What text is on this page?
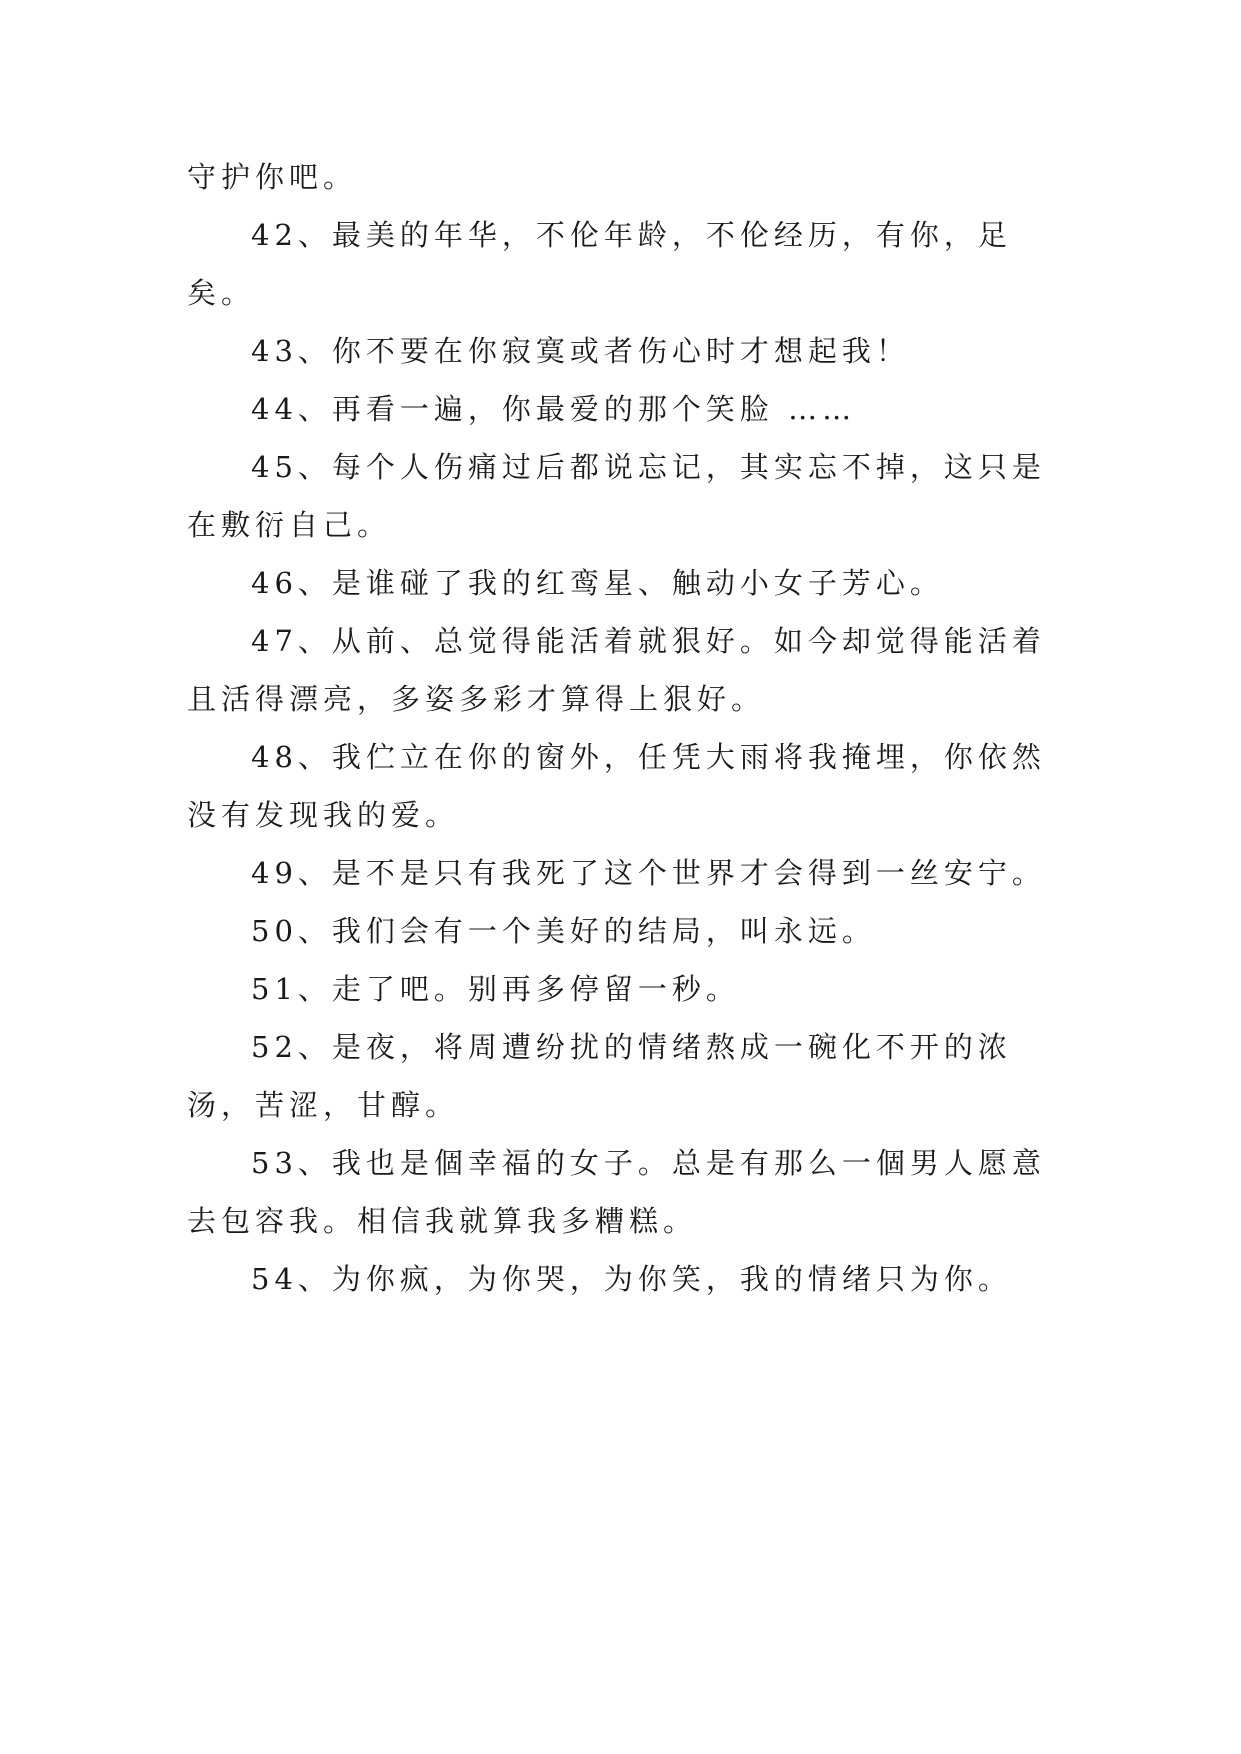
守护你吧。

42、最美的年华，不伦年龄，不伦经历，有你，足矣。

43、你不要在你寂寞或者伤心时才想起我！

44、再看一遍，你最爱的那个笑脸 ……

45、每个人伤痛过后都说忘记，其实忘不掉，这只是在敷衍自己。

46、是谁碰了我的红鸾星、触动小女子芳心。

47、从前、总觉得能活着就狠好。如今却觉得能活着且活得漂亮，多姿多彩才算得上狠好。

48、我伫立在你的窗外，任凭大雨将我掩埋，你依然没有发现我的爱。

49、是不是只有我死了这个世界才会得到一丝安宁。

50、我们会有一个美好的结局，叫永远。

51、走了吧。别再多停留一秒。

52、是夜，将周遭纷扰的情绪熬成一碗化不开的浓汤，苦涩，甘醇。

53、我也是個幸福的女子。总是有那么一個男人愿意去包容我。相信我就算我多糟糕。

54、为你疯，为你哭，为你笑，我的情绪只为你。
